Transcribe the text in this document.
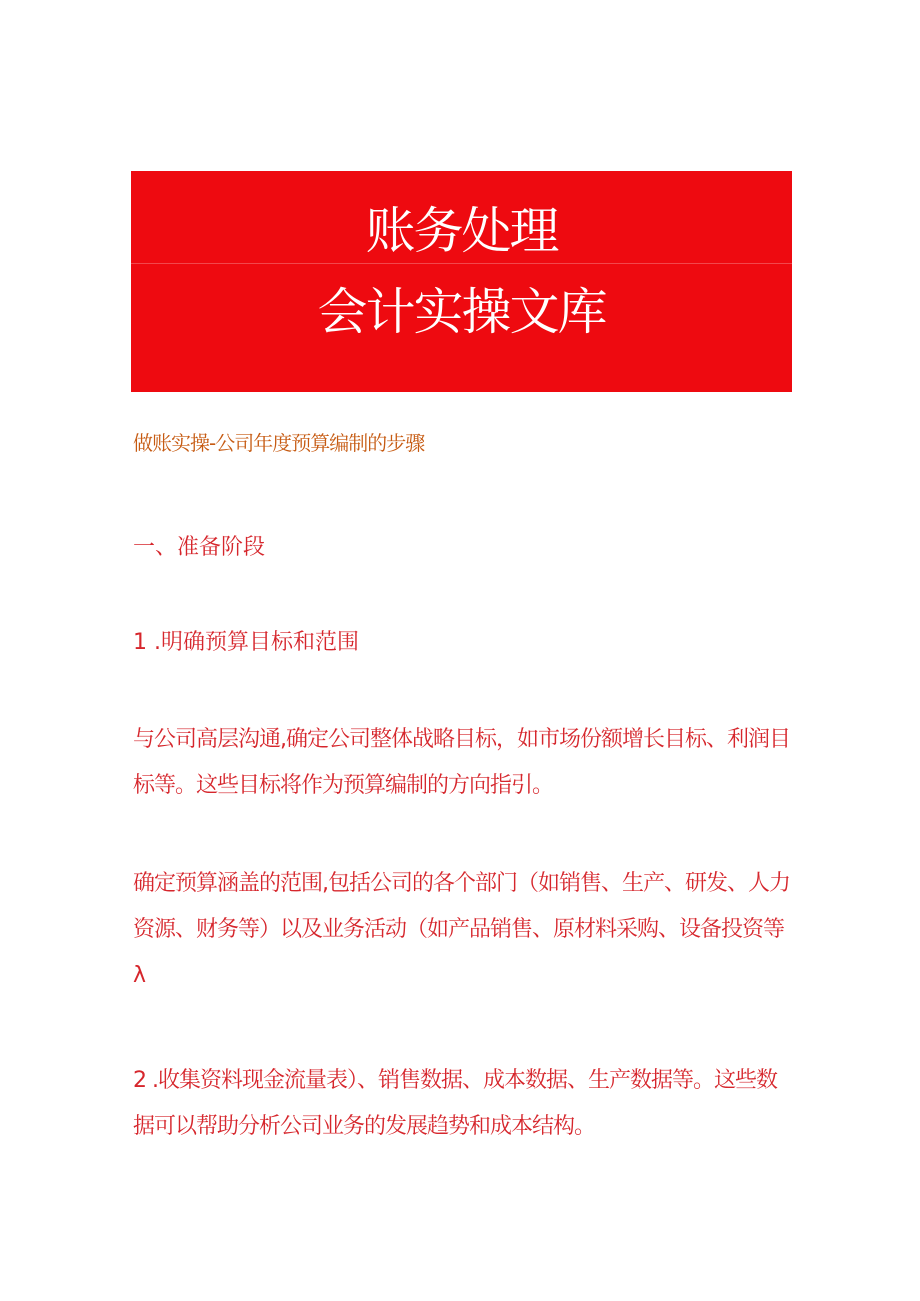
账务处理
会计实操文库
做账实操-公司年度预算编制的步骤
一、准备阶段
1 .明确预算目标和范围
与公司高层沟通,确定公司整体战略目标，如市场份额增长目标、利润目标等。这些目标将作为预算编制的方向指引。
确定预算涵盖的范围,包括公司的各个部门（如销售、生产、研发、人力资源、财务等）以及业务活动（如产品销售、原材料采购、设备投资等λ
2 .收集资料现金流量表）、销售数据、成本数据、生产数据等。这些数据可以帮助分析公司业务的发展趋势和成本结构。
